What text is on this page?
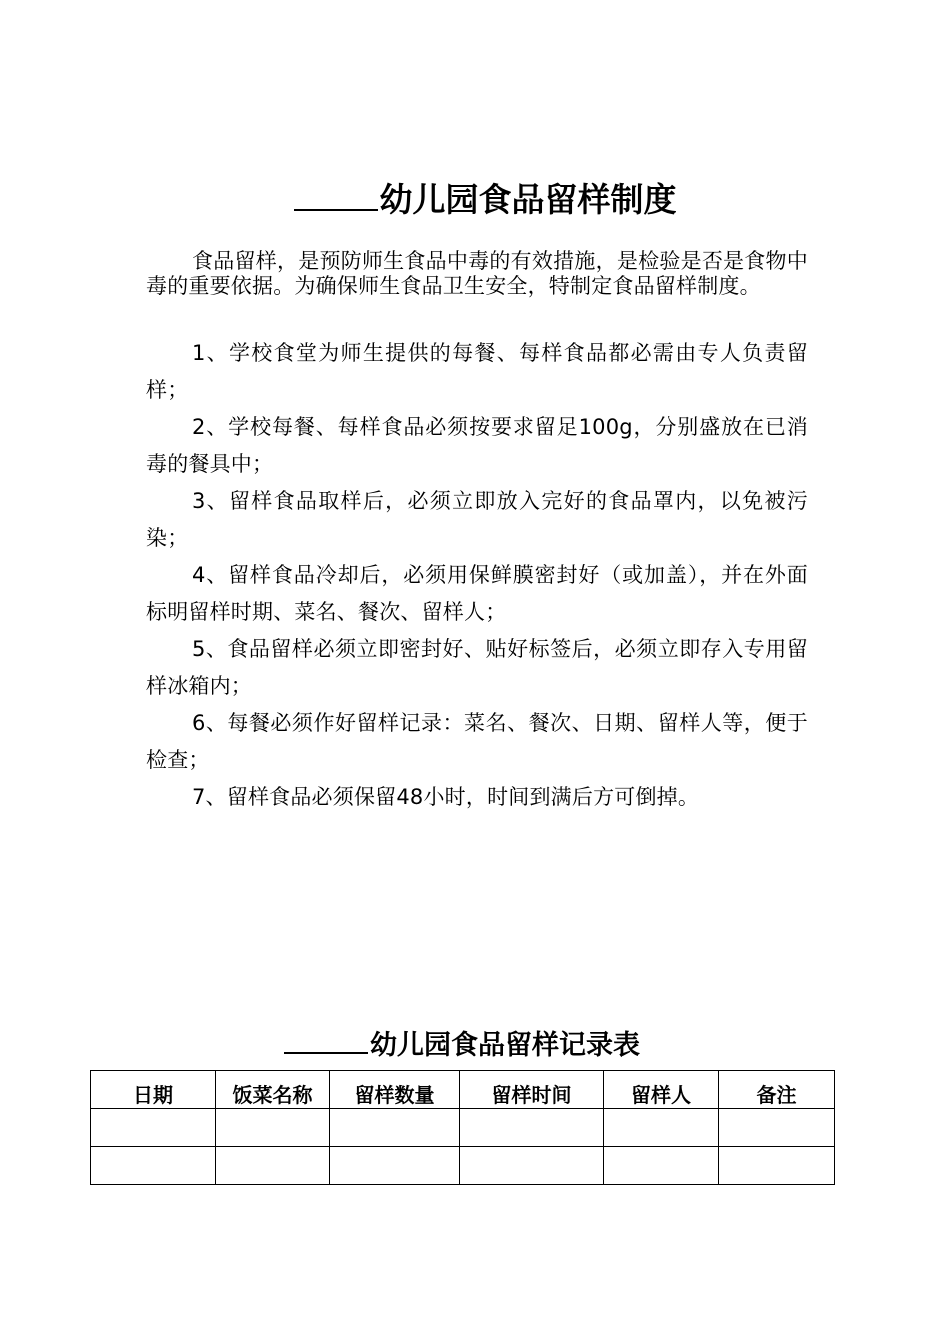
幼儿园食品留样制度

食品留样，是预防师生食品中毒的有效措施，是检验是否是食物中毒的重要依据。为确保师生食品卫生安全，特制定食品留样制度。

1、学校食堂为师生提供的每餐、每样食品都必需由专人负责留样；
2、学校每餐、每样食品必须按要求留足100g，分别盛放在已消毒的餐具中；
3、留样食品取样后，必须立即放入完好的食品罩内，以免被污染；
4、留样食品冷却后，必须用保鲜膜密封好（或加盖），并在外面标明留样时期、菜名、餐次、留样人；
5、食品留样必须立即密封好、贴好标签后，必须立即存入专用留样冰箱内；
6、每餐必须作好留样记录：菜名、餐次、日期、留样人等，便于检查；
7、留样食品必须保留48小时，时间到满后方可倒掉。
幼儿园食品留样记录表
日期	饭菜名称	留样数量	留样时间	留样人	备注
